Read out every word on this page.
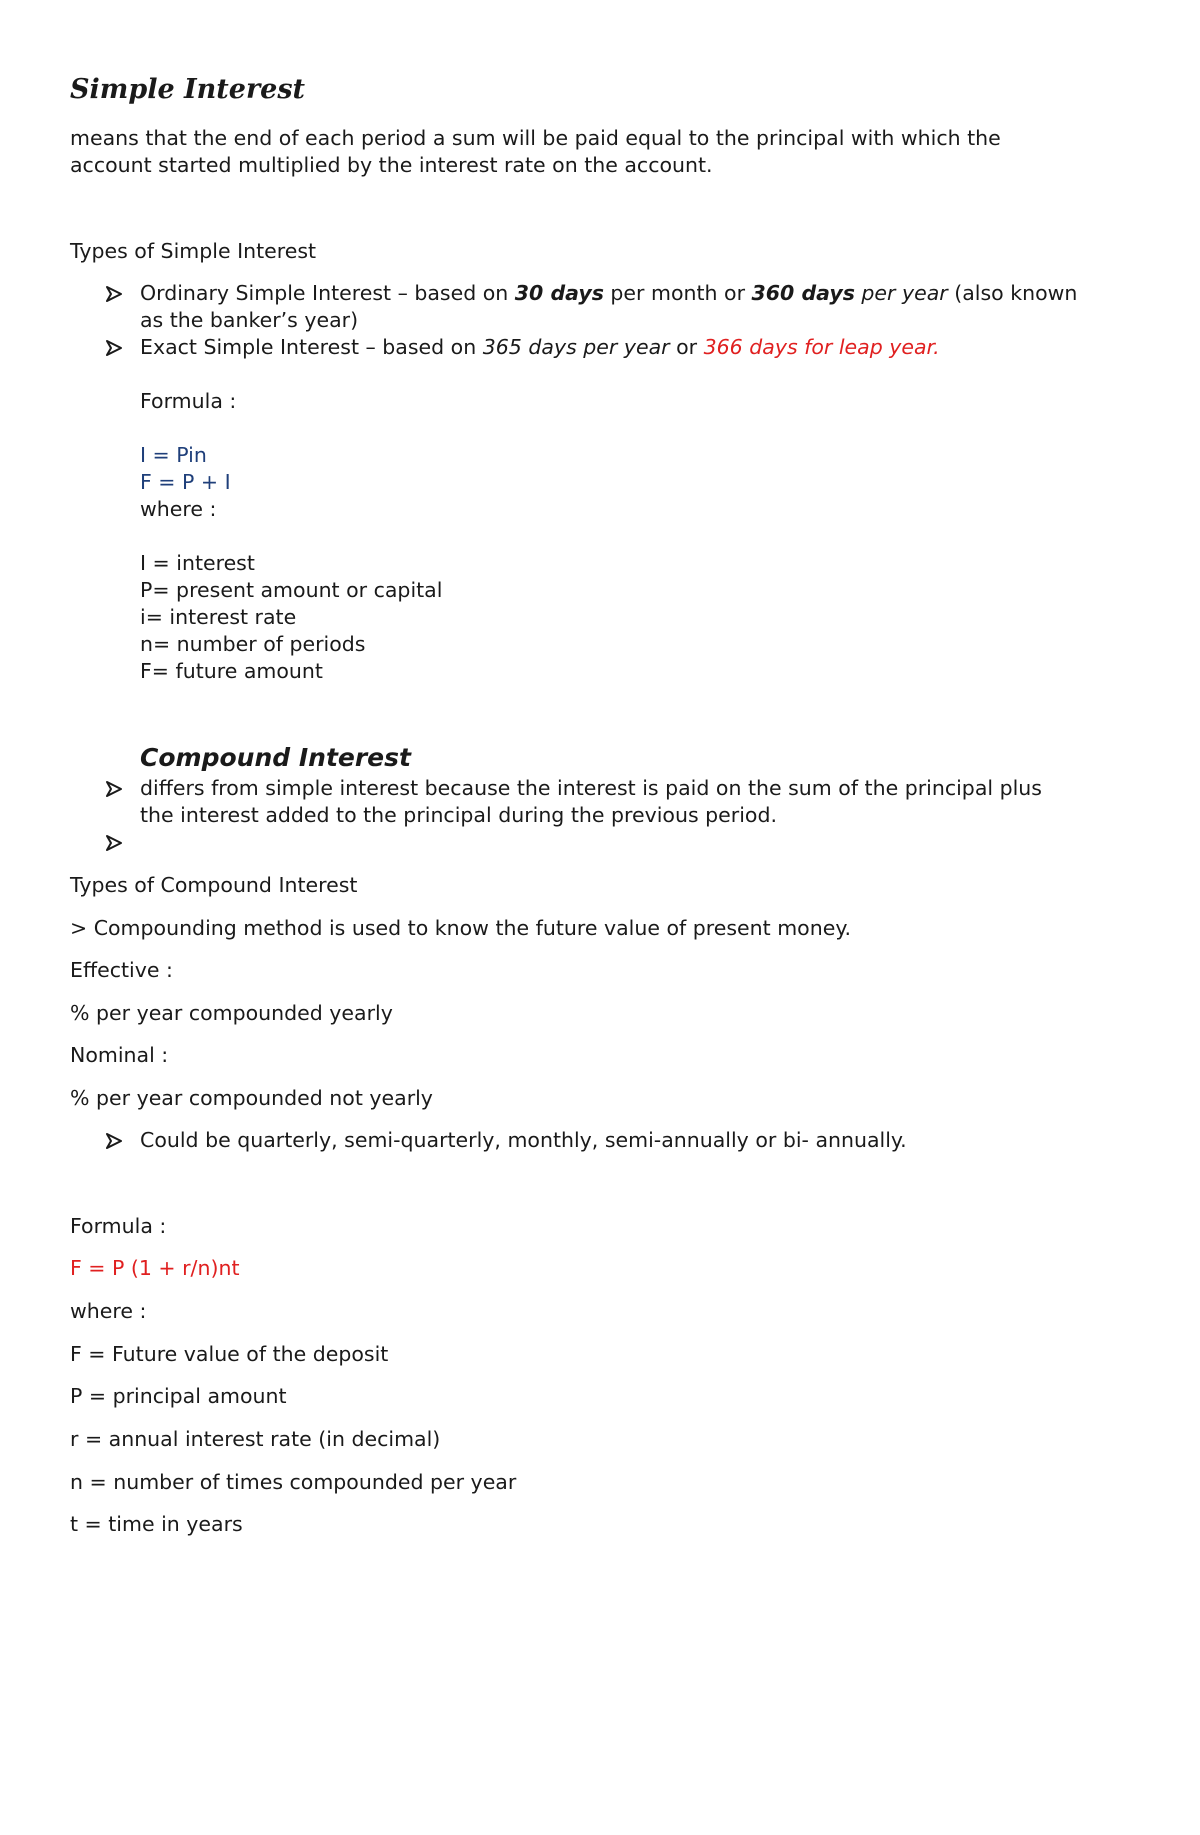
Simple Interest
means that the end of each period a sum will be paid equal to the principal with which the
account started multiplied by the interest rate on the account.
Types of Simple Interest
Ordinary Simple Interest – based on 30 days per month or 360 days per year (also known
as the banker’s year)
Exact Simple Interest – based on 365 days per year or 366 days for leap year.
Formula :
I = Pin
F = P + I
where :
I = interest
P= present amount or capital
i= interest rate
n= number of periods
F= future amount
Compound Interest
differs from simple interest because the interest is paid on the sum of the principal plus
the interest added to the principal during the previous period.
Types of Compound Interest
> Compounding method is used to know the future value of present money.
Effective :
% per year compounded yearly
Nominal :
% per year compounded not yearly
Could be quarterly, semi-quarterly, monthly, semi-annually or bi- annually.
Formula :
F = P (1 + r/n)nt
where :
F = Future value of the deposit
P = principal amount
r = annual interest rate (in decimal)
n = number of times compounded per year
t = time in years
